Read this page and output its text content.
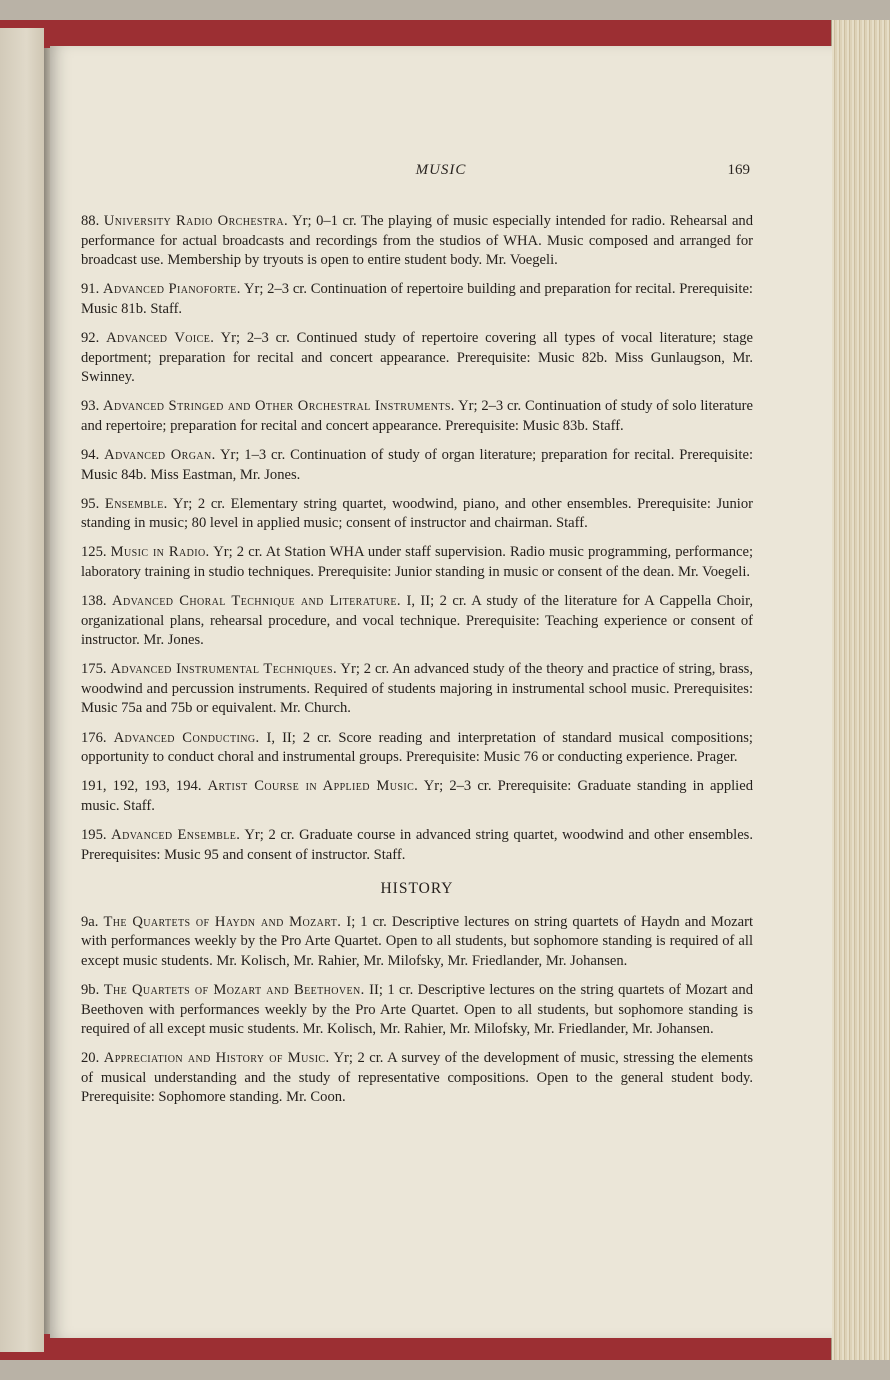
MUSIC	169

88. University Radio Orchestra. Yr; 0–1 cr. The playing of music especially intended for radio. Rehearsal and performance for actual broadcasts and recordings from the studios of WHA. Music composed and arranged for broadcast use. Membership by tryouts is open to entire student body. Mr. Voegeli.

91. Advanced Pianoforte. Yr; 2–3 cr. Continuation of repertoire building and preparation for recital. Prerequisite: Music 81b. Staff.

92. Advanced Voice. Yr; 2–3 cr. Continued study of repertoire covering all types of vocal literature; stage deportment; preparation for recital and concert appearance. Prerequisite: Music 82b. Miss Gunlaugson, Mr. Swinney.

93. Advanced Stringed and Other Orchestral Instruments. Yr; 2–3 cr. Continuation of study of solo literature and repertoire; preparation for recital and concert appearance. Prerequisite: Music 83b. Staff.

94. Advanced Organ. Yr; 1–3 cr. Continuation of study of organ literature; preparation for recital. Prerequisite: Music 84b. Miss Eastman, Mr. Jones.

95. Ensemble. Yr; 2 cr. Elementary string quartet, woodwind, piano, and other ensembles. Prerequisite: Junior standing in music; 80 level in applied music; consent of instructor and chairman. Staff.

125. Music in Radio. Yr; 2 cr. At Station WHA under staff supervision. Radio music programming, performance; laboratory training in studio techniques. Prerequisite: Junior standing in music or consent of the dean. Mr. Voegeli.

138. Advanced Choral Technique and Literature. I, II; 2 cr. A study of the literature for A Cappella Choir, organizational plans, rehearsal procedure, and vocal technique. Prerequisite: Teaching experience or consent of instructor. Mr. Jones.

175. Advanced Instrumental Techniques. Yr; 2 cr. An advanced study of the theory and practice of string, brass, woodwind and percussion instruments. Required of students majoring in instrumental school music. Prerequisites: Music 75a and 75b or equivalent. Mr. Church.

176. Advanced Conducting. I, II; 2 cr. Score reading and interpretation of standard musical compositions; opportunity to conduct choral and instrumental groups. Prerequisite: Music 76 or conducting experience. Prager.

191, 192, 193, 194. Artist Course in Applied Music. Yr; 2–3 cr. Prerequisite: Graduate standing in applied music. Staff.

195. Advanced Ensemble. Yr; 2 cr. Graduate course in advanced string quartet, woodwind and other ensembles. Prerequisites: Music 95 and consent of instructor. Staff.

HISTORY

9a. The Quartets of Haydn and Mozart. I; 1 cr. Descriptive lectures on string quartets of Haydn and Mozart with performances weekly by the Pro Arte Quartet. Open to all students, but sophomore standing is required of all except music students. Mr. Kolisch, Mr. Rahier, Mr. Milofsky, Mr. Friedlander, Mr. Johansen.

9b. The Quartets of Mozart and Beethoven. II; 1 cr. Descriptive lectures on the string quartets of Mozart and Beethoven with performances weekly by the Pro Arte Quartet. Open to all students, but sophomore standing is required of all except music students. Mr. Kolisch, Mr. Rahier, Mr. Milofsky, Mr. Friedlander, Mr. Johansen.

20. Appreciation and History of Music. Yr; 2 cr. A survey of the development of music, stressing the elements of musical understanding and the study of representative compositions. Open to the general student body. Prerequisite: Sophomore standing. Mr. Coon.
